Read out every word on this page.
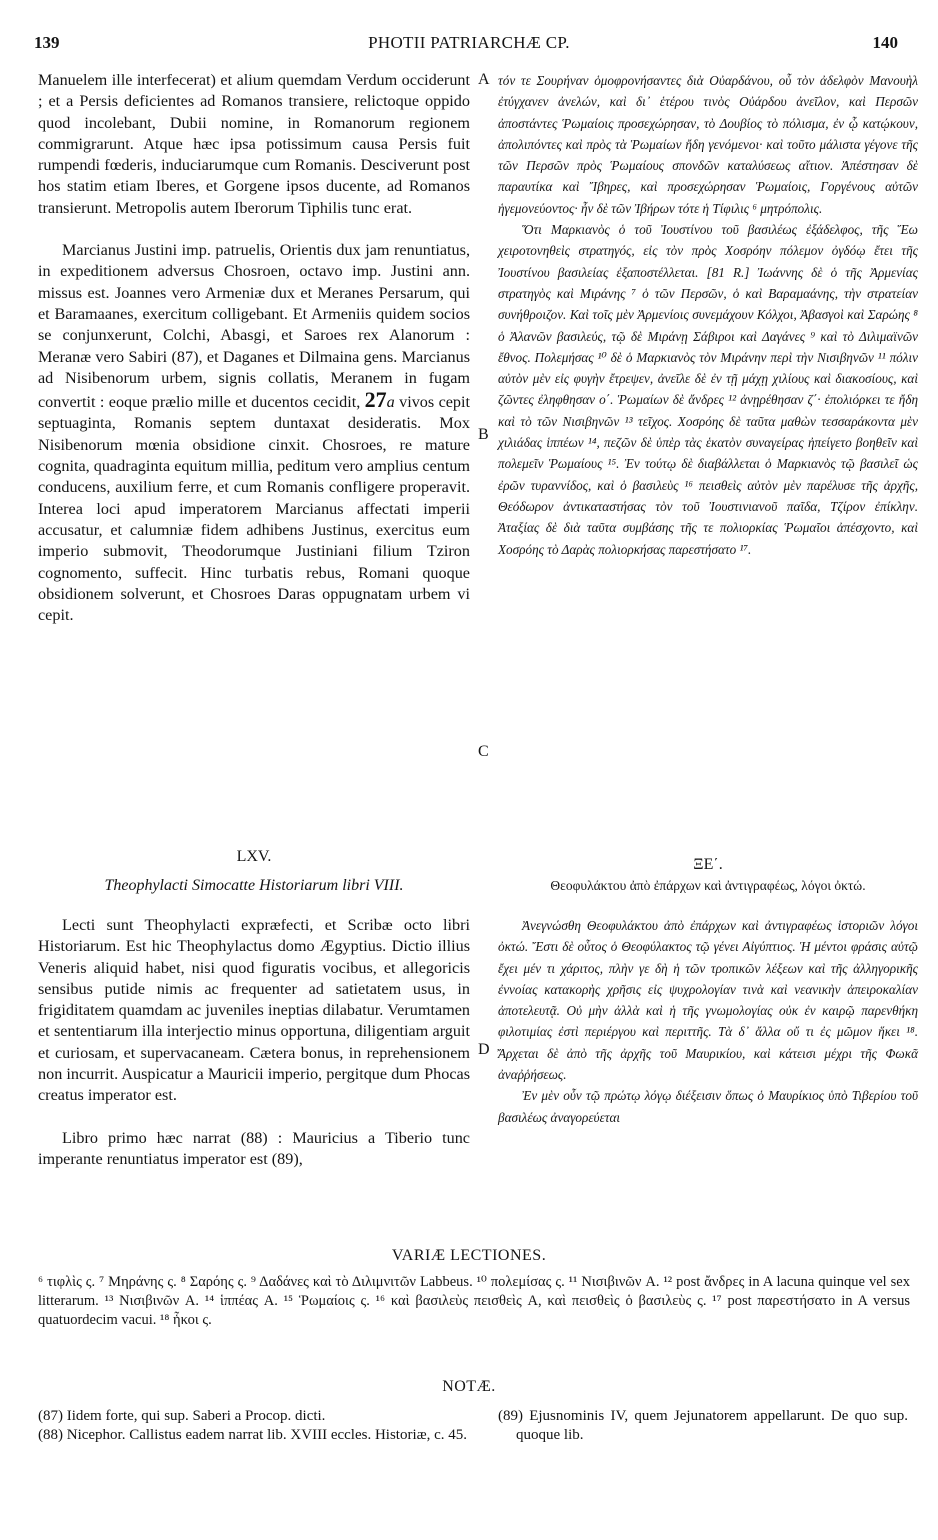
139	PHOTII PATRIARCHÆ CP.	140
A
B
C
D

Manuelem ille interfecerat) et alium quemdam Verdum occiderunt ; et a Persis deficientes ad Romanos transiere, relictoque oppido quod incolebant, Dubii nomine, in Romanorum regionem commigrarunt. Atque hæc ipsa potissimum causa Persis fuit rumpendi fœderis, induciarumque cum Romanis. Desciverunt post hos statim etiam Iberes, et Gorgene ipsos ducente, ad Romanos transierunt. Metropolis autem Iberorum Tiphilis tunc erat.

Marcianus Justini imp. patruelis, Orientis dux jam renuntiatus, in expeditionem adversus Chosroen, octavo imp. Justini ann. missus est. Joannes vero Armeniæ dux et Meranes Persarum, qui et Baramaanes, exercitum colligebant. Et Armeniis quidem socios se conjunxerunt, Colchi, Abasgi, et Saroes rex Alanorum : Meranæ vero Sabiri (87), et Daganes et Dilmaina gens. Marcianus ad Nisibenorum urbem, signis collatis, Meranem in fugam convertit : eoque prælio mille et ducentos cecidit, 27a vivos cepit septuaginta, Romanis septem duntaxat desideratis. Mox Nisibenorum mœnia obsidione cinxit. Chosroes, re mature cognita, quadraginta equitum millia, peditum vero amplius centum conducens, auxilium ferre, et cum Romanis confligere properavit. Interea loci apud imperatorem Marcianus affectati imperii accusatur, et calumniæ fidem adhibens Justinus, exercitus eum imperio submovit, Theodorumque Justiniani filium Tziron cognomento, suffecit. Hinc turbatis rebus, Romani quoque obsidionem solverunt, et Chosroes Daras oppugnatam urbem vi cepit.

LXV.
Theophylacti Simocatte Historiarum libri VIII.

Lecti sunt Theophylacti expræfecti, et Scribæ octo libri Historiarum. Est hic Theophylactus domo Ægyptius. Dictio illius Veneris aliquid habet, nisi quod figuratis vocibus, et allegoricis sensibus putide nimis ac frequenter ad satietatem usus, in frigiditatem quamdam ac juveniles ineptias dilabatur. Verumtamen et sententiarum illa interjectio minus opportuna, diligentiam arguit et curiosam, et supervacaneam. Cætera bonus, in reprehensionem non incurrit. Auspicatur a Mauricii imperio, pergitque dum Phocas creatus imperator est.

Libro primo hæc narrat (88) : Mauricius a Tiberio tunc imperante renuntiatus imperator est (89),

τόν τε Σουρήναν ὁμοφρονήσαντες διὰ Οὐαρδάνου, οὗ τὸν ἀδελφὸν Μανουὴλ ἐτύγχανεν ἀνελών, καὶ δι᾽ ἑτέρου τινὸς Οὐάρδου ἀνεῖλον, καὶ Περσῶν ἀποστάντες Ῥωμαίοις προσεχώρησαν, τὸ Δουβίος τὸ πόλισμα, ἐν ᾧ κατῴκουν, ἀπολιπόντες καὶ πρὸς τὰ Ῥωμαίων ἤδη γενόμενοι· καὶ τοῦτο μάλιστα γέγονε τῆς τῶν Περσῶν πρὸς Ῥωμαίους σπονδῶν καταλύσεως αἴτιον. Ἀπέστησαν δὲ παραυτίκα καὶ Ἴβηρες, καὶ προσεχώρησαν Ῥωμαίοις, Γοργένους αὐτῶν ἡγεμονεύοντος· ἦν δὲ τῶν Ἰβήρων τότε ἡ Τίφιλις ⁶ μητρόπολις.

Ὅτι Μαρκιανὸς ὁ τοῦ Ἰουστίνου τοῦ βασιλέως ἐξάδελφος, τῆς Ἕω χειροτονηθεὶς στρατηγός, εἰς τὸν πρὸς Χοσρόην πόλεμον ὀγδόῳ ἔτει τῆς Ἰουστίνου βασιλείας ἐξαποστέλλεται. [81 R.] Ἰωάννης δὲ ὁ τῆς Ἀρμενίας στρατηγὸς καὶ Μιράνης ⁷ ὁ τῶν Περσῶν, ὁ καὶ Βαραμαάνης, τὴν στρατείαν συνήθροιζον. Καὶ τοῖς μὲν Ἀρμενίοις συνεμάχουν Κόλχοι, Ἀβασγοὶ καὶ Σαρώης ⁸ ὁ Ἀλανῶν βασιλεύς, τῷ δὲ Μιράνῃ Σάβιροι καὶ Δαγάνες ⁹ καὶ τὸ Διλιμαϊνῶν ἔθνος. Πολεμήσας ¹⁰ δὲ ὁ Μαρκιανὸς τὸν Μιράνην περὶ τὴν Νισιβηνῶν ¹¹ πόλιν αὐτὸν μὲν εἰς φυγὴν ἔτρεψεν, ἀνεῖλε δὲ ἐν τῇ μάχῃ χιλίους καὶ διακοσίους, καὶ ζῶντες ἐληφθησαν ο΄. Ῥωμαίων δὲ ἄνδρες ¹² ἀνῃρέθησαν ζ΄· ἐπολιόρκει τε ἤδη καὶ τὸ τῶν Νισιβηνῶν ¹³ τεῖχος. Χοσρόης δὲ ταῦτα μαθὼν τεσσαράκοντα μὲν χιλιάδας ἱππέων ¹⁴, πεζῶν δὲ ὑπὲρ τὰς ἑκατὸν συναγείρας ἠπείγετο βοηθεῖν καὶ πολεμεῖν Ῥωμαίους ¹⁵. Ἐν τούτῳ δὲ διαβάλλεται ὁ Μαρκιανὸς τῷ βασιλεῖ ὡς ἐρῶν τυραννίδος, καὶ ὁ βασιλεὺς ¹⁶ πεισθεὶς αὐτὸν μὲν παρέλυσε τῆς ἀρχῆς, Θεόδωρον ἀντικαταστήσας τὸν τοῦ Ἰουστινιανοῦ παῖδα, Τζίρον ἐπίκλην. Ἀταξίας δὲ διὰ ταῦτα συμβάσης τῆς τε πολιορκίας Ῥωμαῖοι ἀπέσχοντο, καὶ Χοσρόης τὸ Δαρὰς πολιορκήσας παρεστήσατο ¹⁷.

ΞΕ΄.
Θεοφυλάκτου ἀπὸ ἐπάρχων καὶ ἀντιγραφέως, λόγοι ὀκτώ.

Ἀνεγνώσθη Θεοφυλάκτου ἀπὸ ἐπάρχων καὶ ἀντιγραφέως ἱστοριῶν λόγοι ὀκτώ. Ἔστι δὲ οὗτος ὁ Θεοφύλακτος τῷ γένει Αἰγύπτιος. Ἡ μέντοι φράσις αὐτῷ ἔχει μέν τι χάριτος, πλὴν γε δὴ ἡ τῶν τροπικῶν λέξεων καὶ τῆς ἀλληγορικῆς ἐννοίας κατακορὴς χρῆσις εἰς ψυχρολογίαν τινὰ καὶ νεανικὴν ἀπειροκαλίαν ἀποτελευτᾷ. Οὐ μὴν ἀλλὰ καὶ ἡ τῆς γνωμολογίας οὐκ ἐν καιρῷ παρενθήκη φιλοτιμίας ἐστὶ περιέργου καὶ περιττῆς. Τὰ δ᾽ ἄλλα οὔ τι ἐς μῶμον ἥκει ¹⁸. Ἄρχεται δὲ ἀπὸ τῆς ἀρχῆς τοῦ Μαυρικίου, καὶ κάτεισι μέχρι τῆς Φωκᾶ ἀναῤῥήσεως.

Ἐν μὲν οὖν τῷ πρώτῳ λόγῳ διέξεισιν ὅπως ὁ Μαυρίκιος ὑπὸ Τιβερίου τοῦ βασιλέως ἀναγορεύεται

VARIÆ LECTIONES.
⁶ τιφλὶς ς. ⁷ Μηράνης ς. ⁸ Σαρόης ς. ⁹ Δαδάνες καὶ τὸ Διλιμνιτῶν Labbeus. ¹⁰ πολεμίσας ς. ¹¹ Νισιβινῶν A. ¹² post ἄνδρες in A lacuna quinque vel sex litterarum. ¹³ Νισιβινῶν A. ¹⁴ ἱππέας A. ¹⁵ Ῥωμαίοις ς. ¹⁶ καὶ βασιλεὺς πεισθεὶς A, καὶ πεισθεὶς ὁ βασιλεὺς ς. ¹⁷ post παρεστήσατο in A versus quatuordecim vacui. ¹⁸ ἧκοι ς.
NOTÆ.

(87) Iidem forte, qui sup. Saberi a Procop. dicti.

(88) Nicephor. Callistus eadem narrat lib. XVIII eccles. Historiæ, c. 45.

(89) Ejusnominis IV, quem Jejunatorem appellarunt. De quo sup. quoque lib.
